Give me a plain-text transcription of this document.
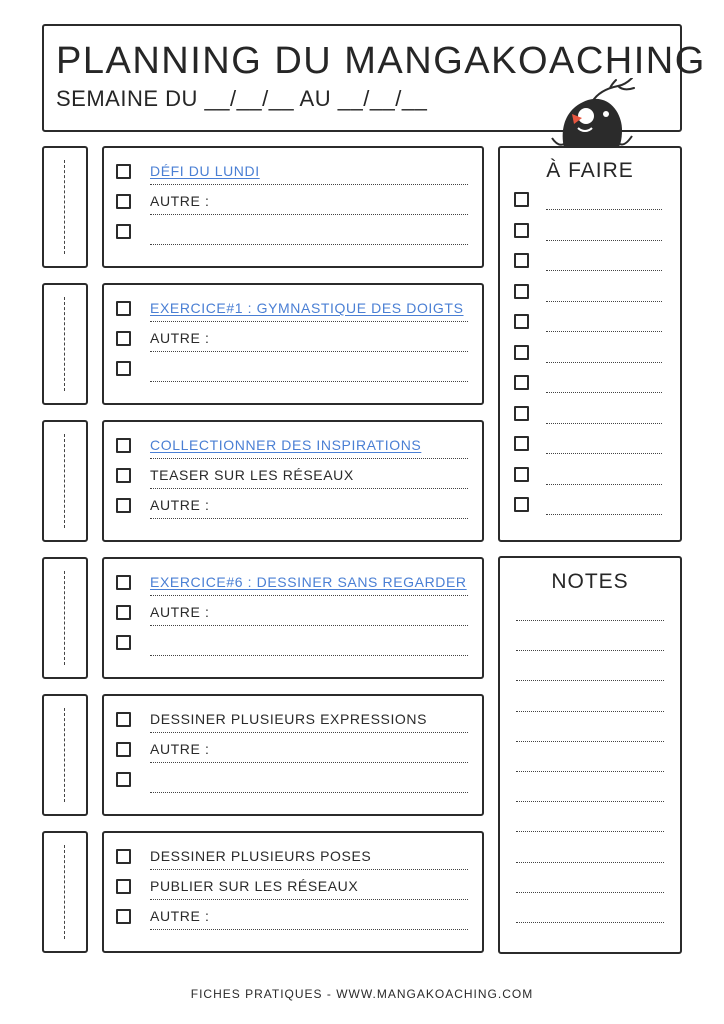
PLANNING DU MANGAKOACHING
SEMAINE DU __/__/__ AU __/__/__
DÉFI DU LUNDI
AUTRE :
EXERCICE#1 : GYMNASTIQUE DES DOIGTS
AUTRE :
COLLECTIONNER DES INSPIRATIONS
TEASER SUR LES RÉSEAUX
AUTRE :
EXERCICE#6 : DESSINER SANS REGARDER
AUTRE :
DESSINER PLUSIEURS EXPRESSIONS
AUTRE :
DESSINER PLUSIEURS POSES
PUBLIER SUR LES RÉSEAUX
AUTRE :
À FAIRE
NOTES
FICHES PRATIQUES - WWW.MANGAKOACHING.COM
